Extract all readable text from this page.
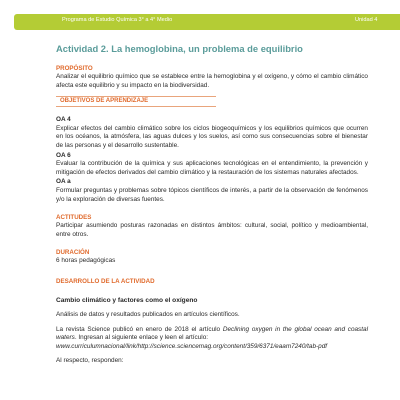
Programa de Estudio Química 3° a 4° Medio	Unidad 4
Actividad 2. La hemoglobina, un problema de equilibrio
PROPÓSITO

Analizar el equilibrio químico que se establece entre la hemoglobina y el oxígeno, y cómo el cambio climático afecta este equilibrio y su impacto en la biodiversidad.

OBJETIVOS DE APRENDIZAJE
OA 4

Explicar efectos del cambio climático sobre los ciclos biogeoquímicos y los equilibrios químicos que ocurren en los océanos, la atmósfera, las aguas dulces y los suelos, así como sus consecuencias sobre el bienestar de las personas y el desarrollo sustentable.

OA 6

Evaluar la contribución de la química y sus aplicaciones tecnológicas en el entendimiento, la prevención y mitigación de efectos derivados del cambio climático y la restauración de los sistemas naturales afectados.

OA a

Formular preguntas y problemas sobre tópicos científicos de interés, a partir de la observación de fenómenos y/o la exploración de diversas fuentes.

ACTITUDES

Participar asumiendo posturas razonadas en distintos ámbitos: cultural, social, político y medioambiental, entre otros.

DURACIÓN

6 horas pedagógicas

DESARROLLO DE LA ACTIVIDAD
Cambio climático y factores como el oxígeno

Análisis de datos y resultados publicados en artículos científicos.

La revista Science publicó en enero de 2018 el artículo Declining oxygen in the global ocean and coastal waters. Ingresan al siguiente enlace y leen el artículo:

www.curriculumnacional/link/http://science.sciencemag.org/content/359/6371/eaam7240/tab-pdf

Al respecto, responden:
